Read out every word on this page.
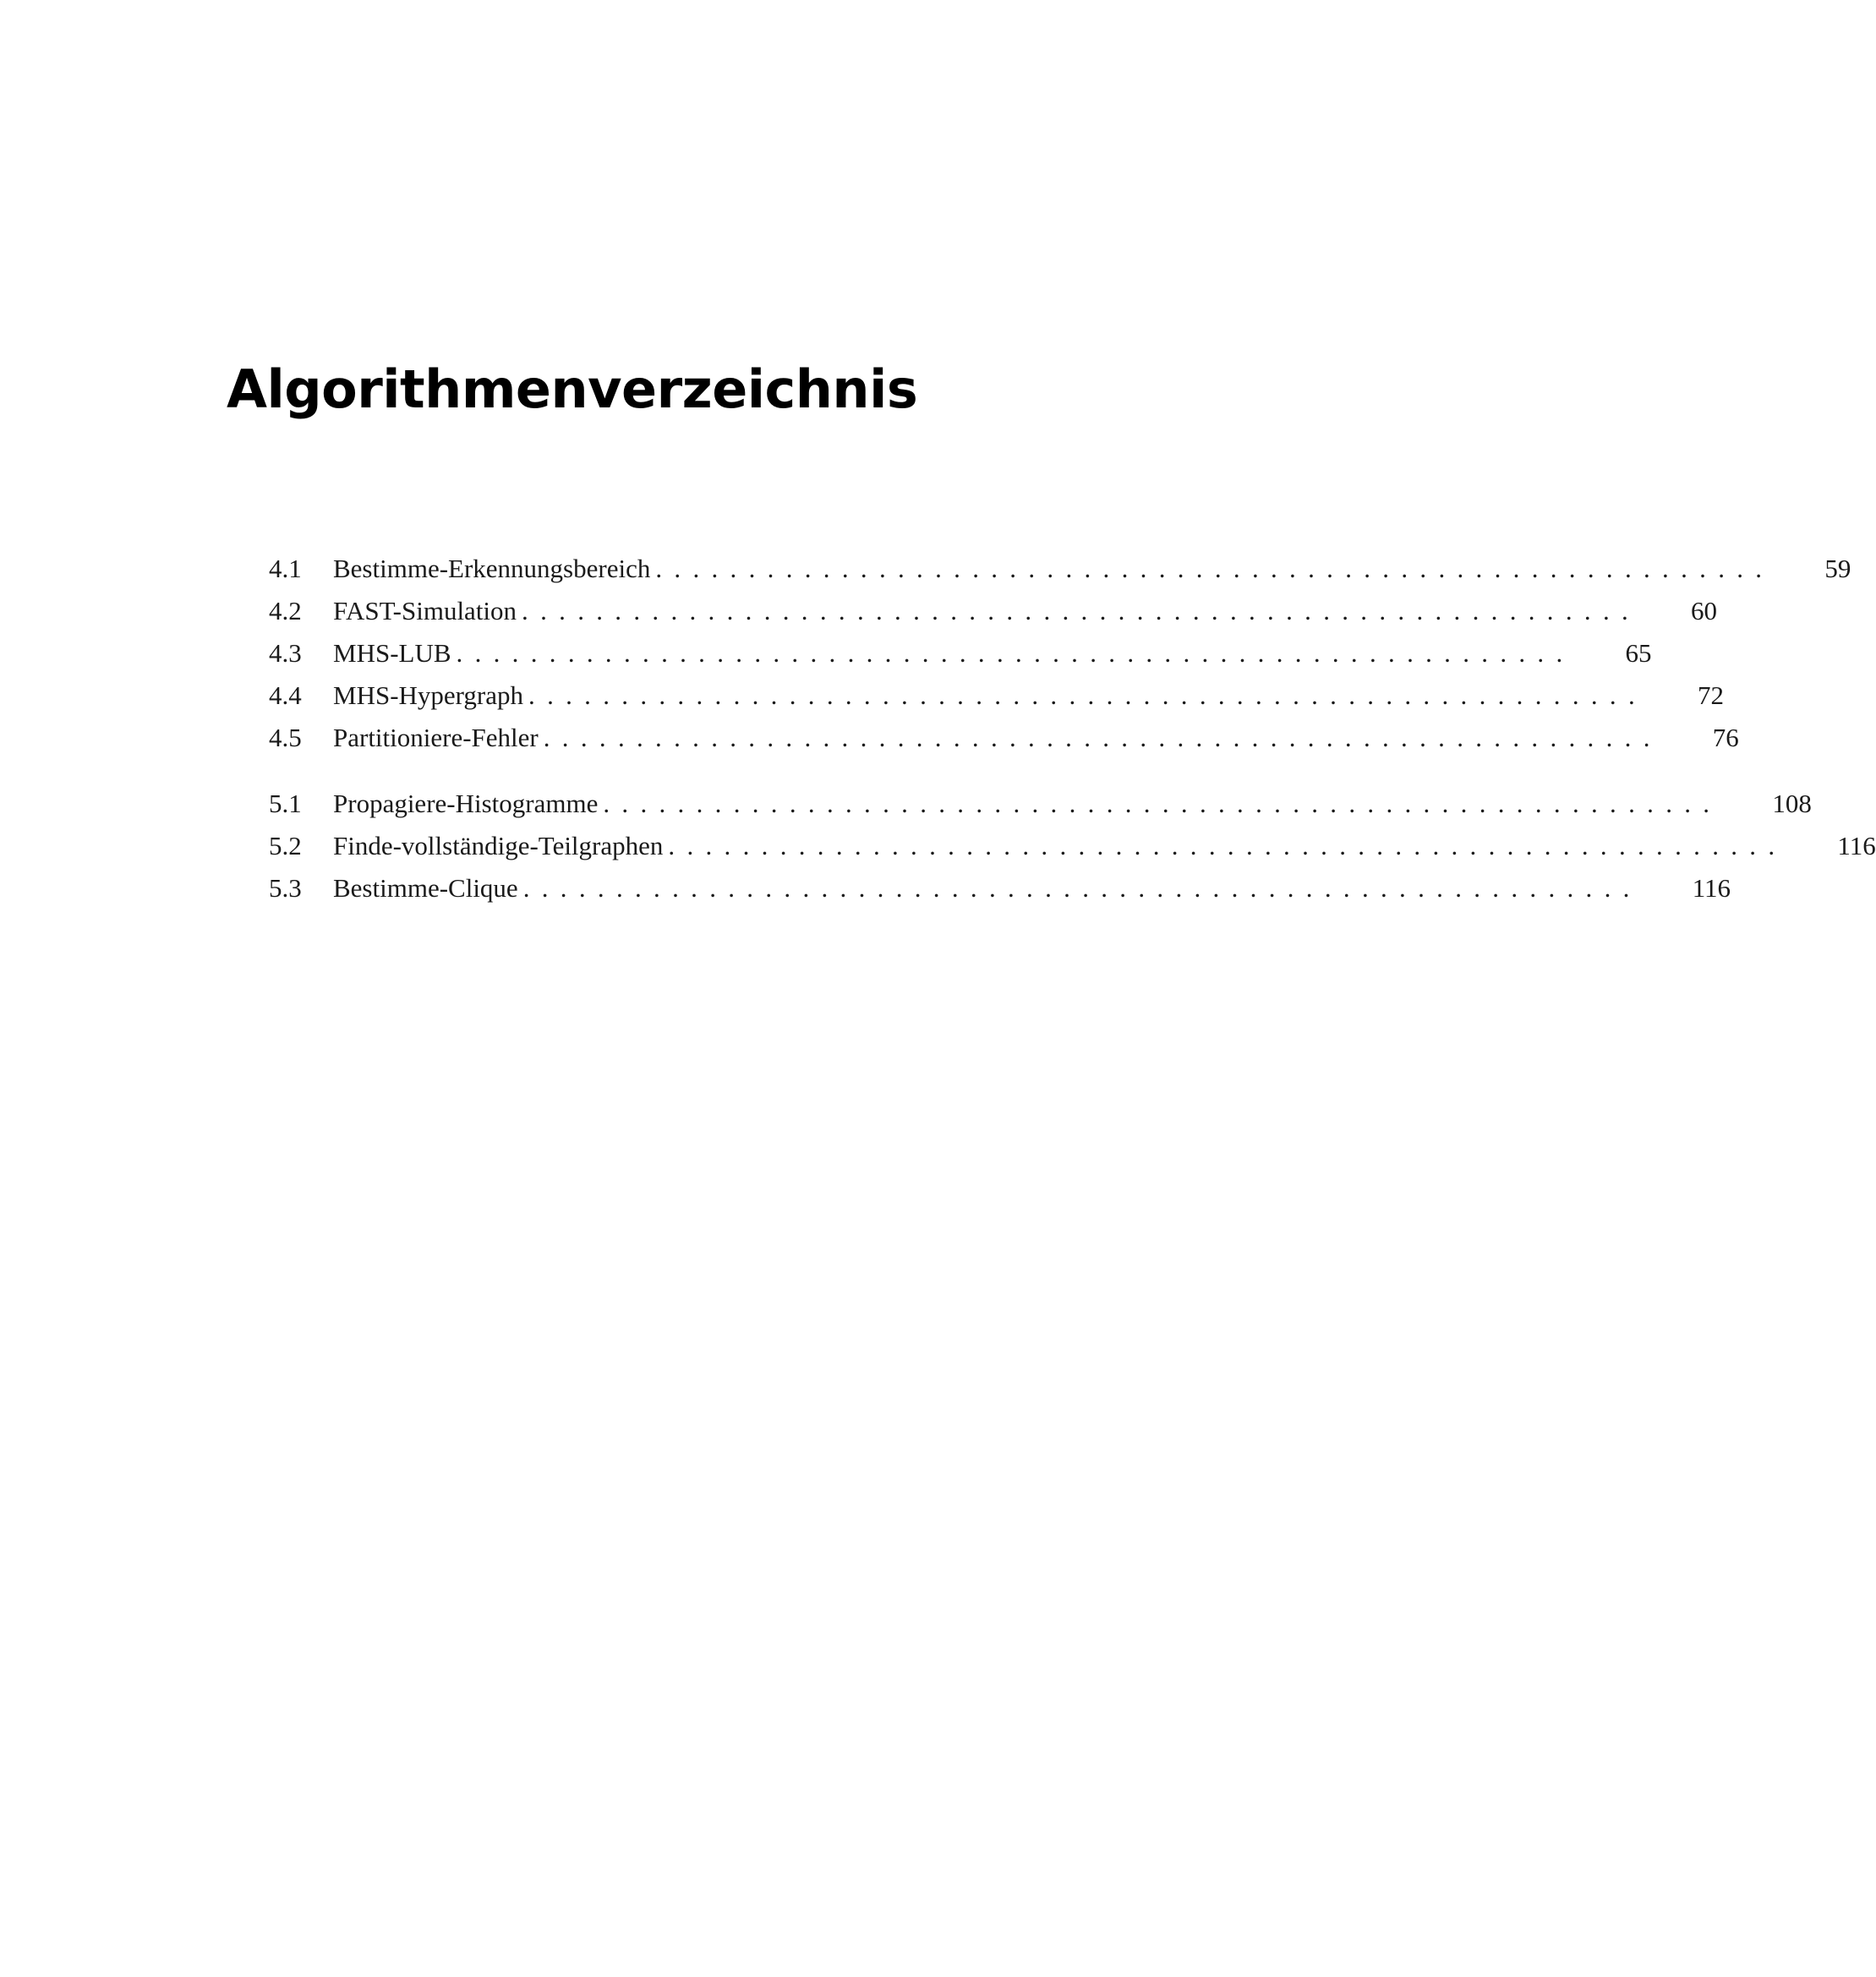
Algorithmenverzeichnis
4.1	Bestimme-Erkennungsbereich ............................................................ 59
4.2	FAST-Simulation ............................................................ 60
4.3	MHS-LUB ............................................................ 65
4.4	MHS-Hypergraph ............................................................ 72
4.5	Partitioniere-Fehler ............................................................ 76
5.1	Propagiere-Histogramme ............................................................ 108
5.2	Finde-vollständige-Teilgraphen ............................................................ 116
5.3	Bestimme-Clique ............................................................ 116
